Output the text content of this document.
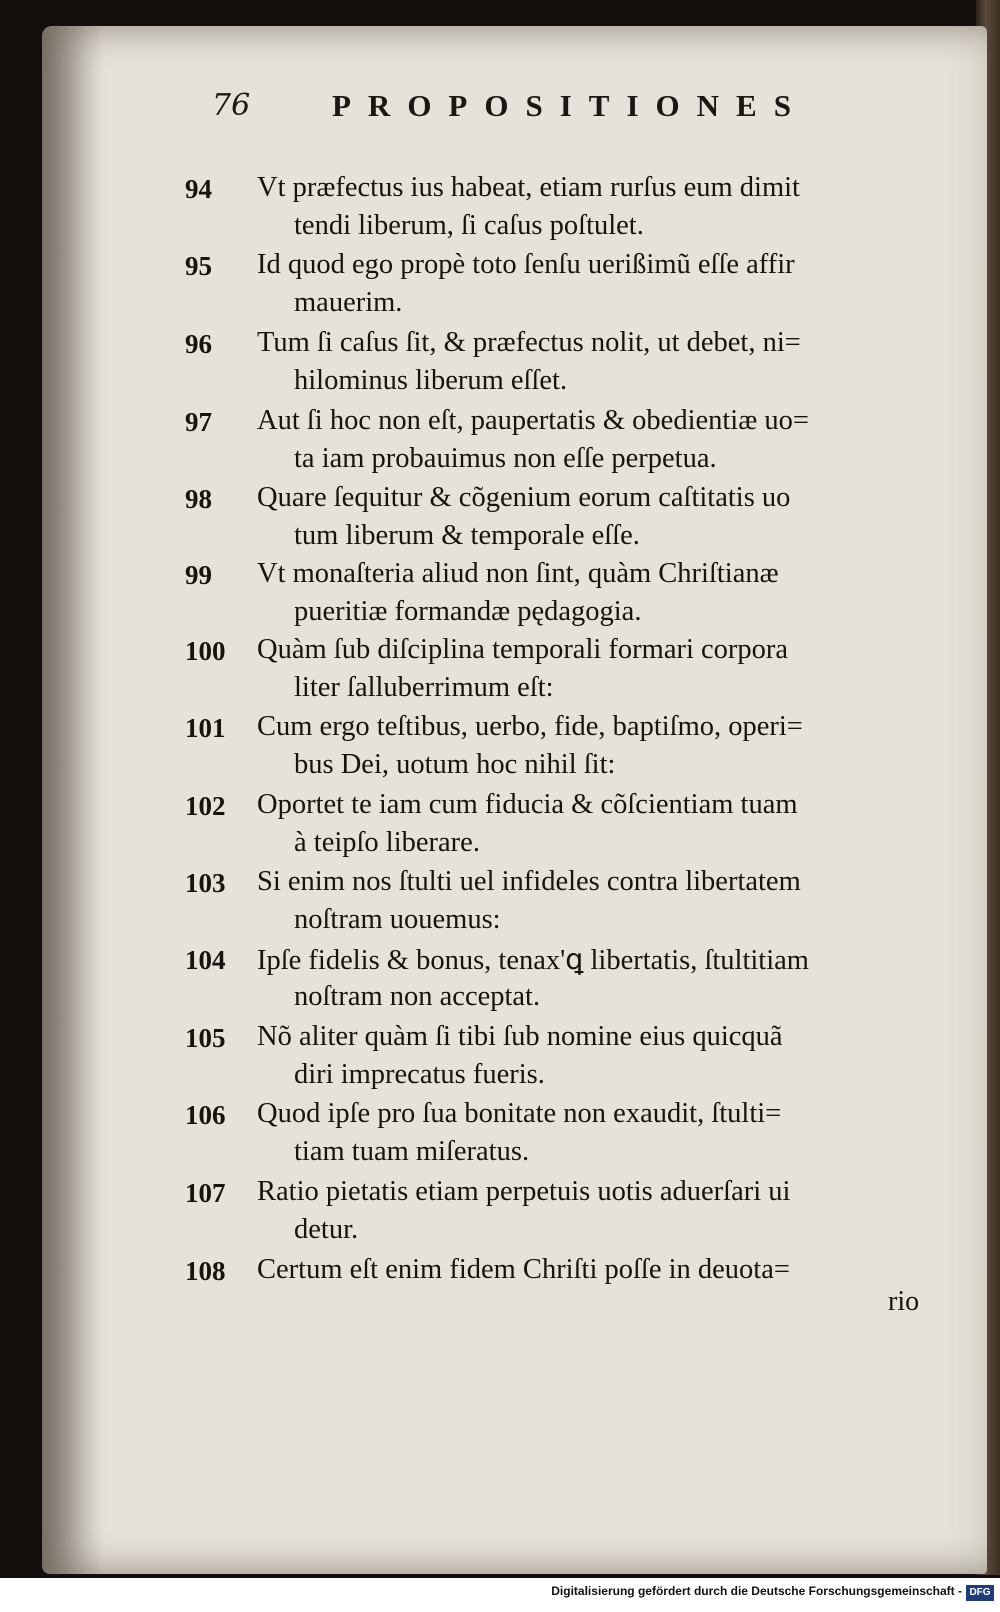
76	PROPOSITIONES
94	Vt præfectus ius habeat, etiam rurſus eum dimit
tendi liberum, ſi caſus poſtulet.
95	Id quod ego propè toto ſenſu uerißimũ eſſe affir
mauerim.
96	Tum ſi caſus ſit, & præfectus nolit, ut debet, ni=
hilominus liberum eſſet.
97	Aut ſi hoc non eſt, paupertatis & obedientiæ uo=
ta iam probauimus non eſſe perpetua.
98	Quare ſequitur & cõgenium eorum caſtitatis uo
tum liberum & temporale eſſe.
99	Vt monaſteria aliud non ſint, quàm Chriſtianæ
pueritiæ formandæ pędagogia.
100	Quàm ſub diſciplina temporali formari corpora
liter ſalluberrimum eſt:
101	Cum ergo teſtibus, uerbo, fide, baptiſmo, operi=
bus Dei, uotum hoc nihil ſit:
102	Oportet te iam cum fiducia & cõſcientiam tuam
à teipſo liberare.
103	Si enim nos ſtulti uel infideles contra libertatem
noſtram uouemus:
104	Ipſe fidelis & bonus, tenax'ꝗ libertatis, ſtultitiam
noſtram non acceptat.
105	Nõ aliter quàm ſi tibi ſub nomine eius quicquã
diri imprecatus fueris.
106	Quod ipſe pro ſua bonitate non exaudit, ſtulti=
tiam tuam miſeratus.
107	Ratio pietatis etiam perpetuis uotis aduerſari ui
detur.
108	Certum eſt enim fidem Chriſti poſſe in deuota=
rio
Digitalisierung gefördert durch die Deutsche Forschungsgemeinschaft - DFG
